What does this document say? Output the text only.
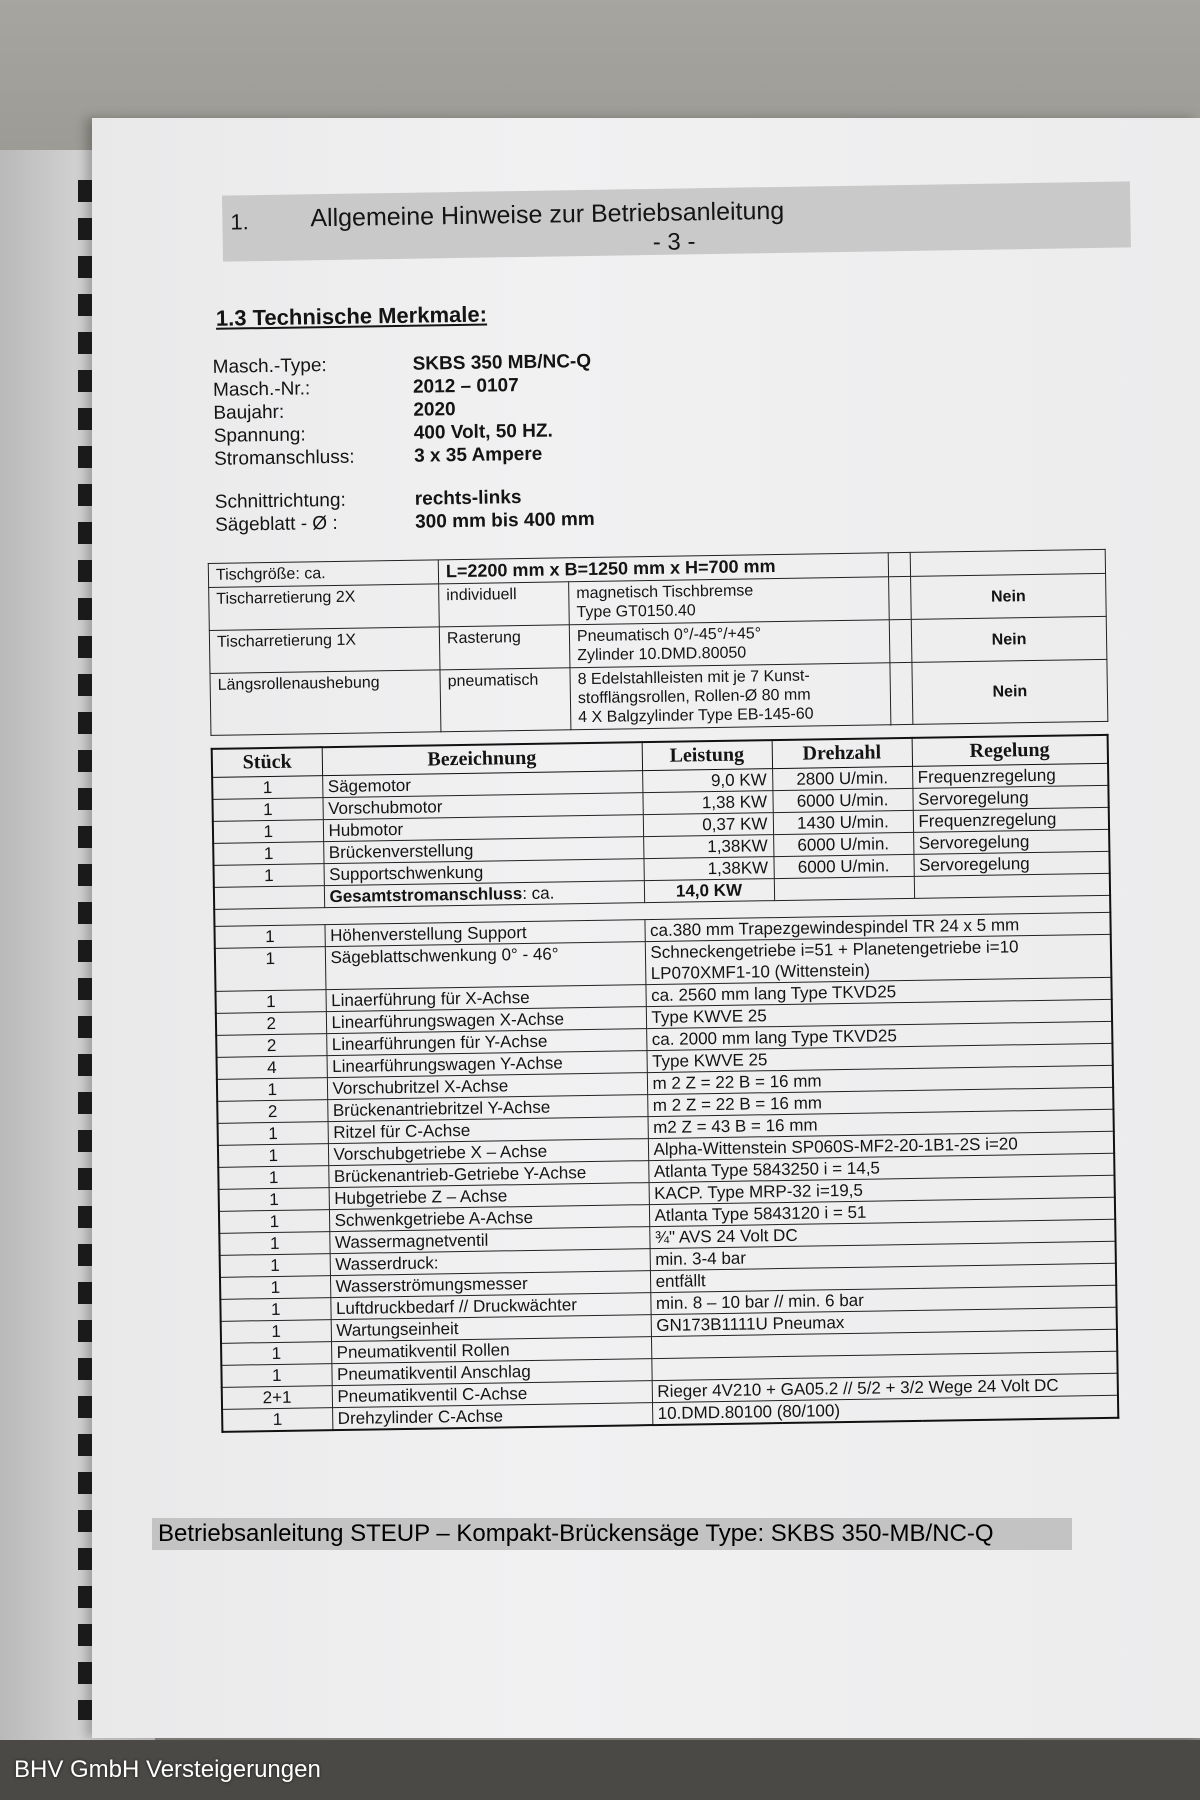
1. Allgemeine Hinweise zur Betriebsanleitung
- 3 -
1.3 Technische Merkmale:
Masch.-Type:	SKBS 350 MB/NC-Q
Masch.-Nr.:	2012 – 0107
Baujahr:	2020
Spannung:	400 Volt, 50 HZ.
Stromanschluss:	3 x 35 Ampere
Schnittrichtung:	rechts-links
Sägeblatt - Ø :	300 mm bis 400 mm
Tischgröße: ca.	L=2200 mm x B=1250 mm x H=700 mm			
Tischarretierung 2X	individuell	magnetisch Tischbremse
Type GT0150.40		Nein
Tischarretierung 1X	Rasterung	Pneumatisch 0°/-45°/+45°
Zylinder 10.DMD.80050		Nein
Längsrollenaushebung	pneumatisch	8 Edelstahlleisten mit je 7 Kunst-
stofflängsrollen, Rollen-Ø 80 mm
4 X Balgzylinder Type EB-145-60		Nein
Stück	Bezeichnung	Leistung	Drehzahl	Regelung
1	Sägemotor	9,0 KW	2800 U/min.	Frequenzregelung
1	Vorschubmotor	1,38 KW	6000 U/min.	Servoregelung
1	Hubmotor	0,37 KW	1430 U/min.	Frequenzregelung
1	Brückenverstellung	1,38KW	6000 U/min.	Servoregelung
1	Supportschwenkung	1,38KW	6000 U/min.	Servoregelung
	Gesamtstromanschluss: ca.	14,0 KW		

1	Höhenverstellung Support	ca.380 mm Trapezgewindespindel TR 24 x 5 mm		
1	Sägeblattschwenkung 0° - 46°	Schneckengetriebe i=51 + Planetengetriebe i=10
LP070XMF1-10 (Wittenstein)		
1	Linaerführung für X-Achse	ca. 2560 mm lang Type TKVD25		
2	Linearführungswagen X-Achse	Type KWVE 25		
2	Linearführungen für Y-Achse	ca. 2000 mm lang Type TKVD25		
4	Linearführungswagen Y-Achse	Type KWVE 25		
1	Vorschubritzel X-Achse	m 2 Z = 22 B = 16 mm		
2	Brückenantriebritzel Y-Achse	m 2 Z = 22 B = 16 mm		
1	Ritzel für C-Achse	m2 Z = 43 B = 16 mm		
1	Vorschubgetriebe X – Achse	Alpha-Wittenstein SP060S-MF2-20-1B1-2S i=20		
1	Brückenantrieb-Getriebe Y-Achse	Atlanta Type 5843250 i = 14,5		
1	Hubgetriebe Z – Achse	KACP. Type MRP-32 i=19,5		
1	Schwenkgetriebe A-Achse	Atlanta Type 5843120 i = 51		
1	Wassermagnetventil	¾" AVS 24 Volt DC		
1	Wasserdruck:	min. 3-4 bar		
1	Wasserströmungsmesser	entfällt		
1	Luftdruckbedarf // Druckwächter	min. 8 – 10 bar // min. 6 bar		
1	Wartungseinheit	GN173B1111U Pneumax		
1	Pneumatikventil Rollen			
1	Pneumatikventil Anschlag			
2+1	Pneumatikventil C-Achse	Rieger 4V210 + GA05.2 // 5/2 + 3/2 Wege 24 Volt DC		
1	Drehzylinder C-Achse	10.DMD.80100 (80/100)		
Betriebsanleitung STEUP – Kompakt-Brückensäge Type: SKBS 350-MB/NC-Q
BHV GmbH Versteigerungen
